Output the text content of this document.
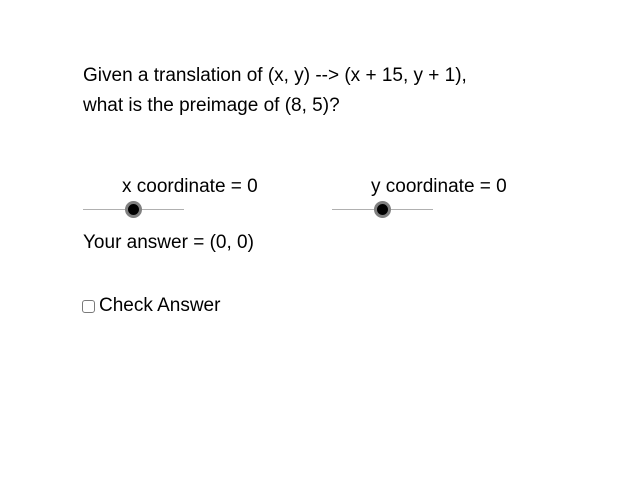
Given a translation of (x, y) --> (x + 15, y + 1),
what is the preimage of (8, 5)?
x coordinate = 0	y coordinate = 0
Your answer = (0, 0)
Check Answer
